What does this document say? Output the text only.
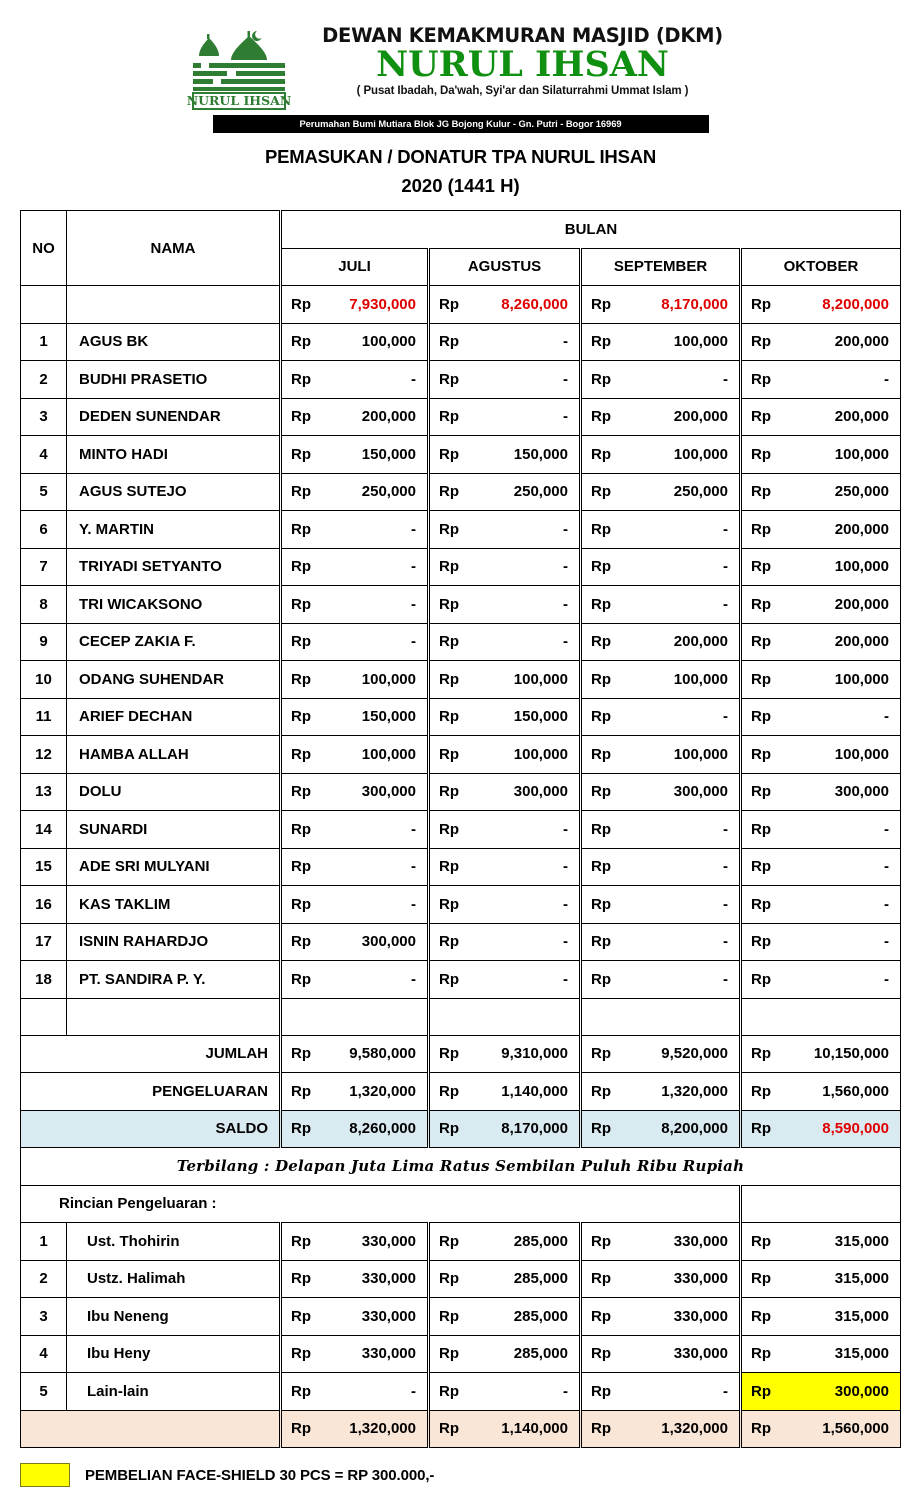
NURUL IHSAN
DEWAN KEMAKMURAN MASJID (DKM)
NURUL IHSAN
( Pusat Ibadah, Da'wah, Syi'ar dan Silaturrahmi Ummat Islam )
Perumahan Bumi Mutiara Blok JG Bojong Kulur - Gn. Putri - Bogor 16969
PEMASUKAN / DONATUR TPA NURUL IHSAN
2020 (1441 H)
NO	NAMA	BULAN							
		JULI		AGUSTUS		SEPTEMBER		OKTOBER	
		Rp	7,930,000	Rp	8,260,000	Rp	8,170,000	Rp	8,200,000
1	AGUS BK	Rp	100,000	Rp	-	Rp	100,000	Rp	200,000
2	BUDHI PRASETIO	Rp	-	Rp	-	Rp	-	Rp	-
3	DEDEN SUNENDAR	Rp	200,000	Rp	-	Rp	200,000	Rp	200,000
4	MINTO HADI	Rp	150,000	Rp	150,000	Rp	100,000	Rp	100,000
5	AGUS SUTEJO	Rp	250,000	Rp	250,000	Rp	250,000	Rp	250,000
6	Y. MARTIN	Rp	-	Rp	-	Rp	-	Rp	200,000
7	TRIYADI SETYANTO	Rp	-	Rp	-	Rp	-	Rp	100,000
8	TRI WICAKSONO	Rp	-	Rp	-	Rp	-	Rp	200,000
9	CECEP ZAKIA F.	Rp	-	Rp	-	Rp	200,000	Rp	200,000
10	ODANG SUHENDAR	Rp	100,000	Rp	100,000	Rp	100,000	Rp	100,000
11	ARIEF DECHAN	Rp	150,000	Rp	150,000	Rp	-	Rp	-
12	HAMBA ALLAH	Rp	100,000	Rp	100,000	Rp	100,000	Rp	100,000
13	DOLU	Rp	300,000	Rp	300,000	Rp	300,000	Rp	300,000
14	SUNARDI	Rp	-	Rp	-	Rp	-	Rp	-
15	ADE SRI MULYANI	Rp	-	Rp	-	Rp	-	Rp	-
16	KAS TAKLIM	Rp	-	Rp	-	Rp	-	Rp	-
17	ISNIN RAHARDJO	Rp	300,000	Rp	-	Rp	-	Rp	-
18	PT. SANDIRA P. Y.	Rp	-	Rp	-	Rp	-	Rp	-

JUMLAH		Rp	9,580,000	Rp	9,310,000	Rp	9,520,000	Rp	10,150,000
PENGELUARAN		Rp	1,320,000	Rp	1,140,000	Rp	1,320,000	Rp	1,560,000
SALDO		Rp	8,260,000	Rp	8,170,000	Rp	8,200,000	Rp	8,590,000
Terbilang : Delapan Juta Lima Ratus Sembilan Puluh Ribu Rupiah									
Rincian Pengeluaran :									
1	Ust. Thohirin	Rp	330,000	Rp	285,000	Rp	330,000	Rp	315,000
2	Ustz. Halimah	Rp	330,000	Rp	285,000	Rp	330,000	Rp	315,000
3	Ibu Neneng	Rp	330,000	Rp	285,000	Rp	330,000	Rp	315,000
4	Ibu Heny	Rp	330,000	Rp	285,000	Rp	330,000	Rp	315,000
5	Lain-lain	Rp	-	Rp	-	Rp	-	Rp	300,000
		Rp	1,320,000	Rp	1,140,000	Rp	1,320,000	Rp	1,560,000
PEMBELIAN FACE-SHIELD 30 PCS = RP 300.000,-
